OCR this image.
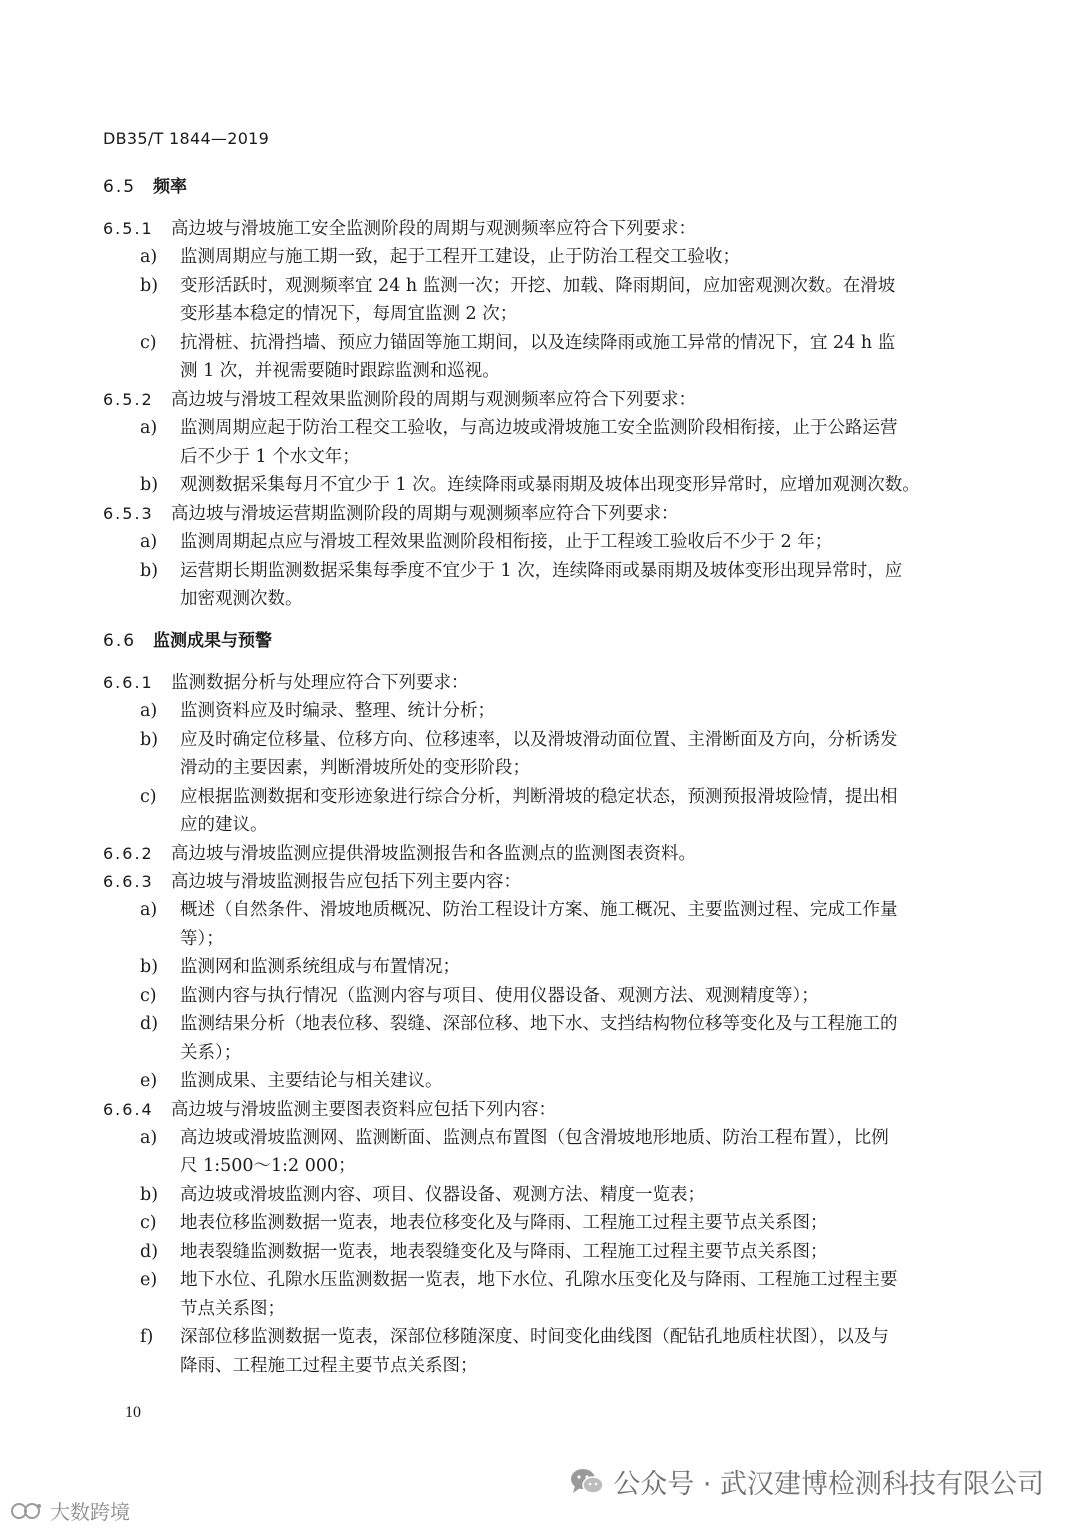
DB35/T 1844—2019
6.5 频率
6.5.1 高边坡与滑坡施工安全监测阶段的周期与观测频率应符合下列要求：
a) 监测周期应与施工期一致，起于工程开工建设，止于防治工程交工验收；
b) 变形活跃时，观测频率宜 24 h 监测一次；开挖、加载、降雨期间，应加密观测次数。在滑坡
变形基本稳定的情况下，每周宜监测 2 次；
c) 抗滑桩、抗滑挡墙、预应力锚固等施工期间，以及连续降雨或施工异常的情况下，宜 24 h 监
测 1 次，并视需要随时跟踪监测和巡视。
6.5.2 高边坡与滑坡工程效果监测阶段的周期与观测频率应符合下列要求：
a) 监测周期应起于防治工程交工验收，与高边坡或滑坡施工安全监测阶段相衔接，止于公路运营
后不少于 1 个水文年；
b) 观测数据采集每月不宜少于 1 次。连续降雨或暴雨期及坡体出现变形异常时，应增加观测次数。
6.5.3 高边坡与滑坡运营期监测阶段的周期与观测频率应符合下列要求：
a) 监测周期起点应与滑坡工程效果监测阶段相衔接，止于工程竣工验收后不少于 2 年；
b) 运营期长期监测数据采集每季度不宜少于 1 次，连续降雨或暴雨期及坡体变形出现异常时，应
加密观测次数。
6.6 监测成果与预警
6.6.1 监测数据分析与处理应符合下列要求：
a) 监测资料应及时编录、整理、统计分析；
b) 应及时确定位移量、位移方向、位移速率，以及滑坡滑动面位置、主滑断面及方向，分析诱发
滑动的主要因素，判断滑坡所处的变形阶段；
c) 应根据监测数据和变形迹象进行综合分析，判断滑坡的稳定状态，预测预报滑坡险情，提出相
应的建议。
6.6.2 高边坡与滑坡监测应提供滑坡监测报告和各监测点的监测图表资料。
6.6.3 高边坡与滑坡监测报告应包括下列主要内容：
a) 概述（自然条件、滑坡地质概况、防治工程设计方案、施工概况、主要监测过程、完成工作量
等）；
b) 监测网和监测系统组成与布置情况；
c) 监测内容与执行情况（监测内容与项目、使用仪器设备、观测方法、观测精度等）；
d) 监测结果分析（地表位移、裂缝、深部位移、地下水、支挡结构物位移等变化及与工程施工的
关系）；
e) 监测成果、主要结论与相关建议。
6.6.4 高边坡与滑坡监测主要图表资料应包括下列内容：
a) 高边坡或滑坡监测网、监测断面、监测点布置图（包含滑坡地形地质、防治工程布置），比例
尺 1:500～1:2 000；
b) 高边坡或滑坡监测内容、项目、仪器设备、观测方法、精度一览表；
c) 地表位移监测数据一览表，地表位移变化及与降雨、工程施工过程主要节点关系图；
d) 地表裂缝监测数据一览表，地表裂缝变化及与降雨、工程施工过程主要节点关系图；
e) 地下水位、孔隙水压监测数据一览表，地下水位、孔隙水压变化及与降雨、工程施工过程主要
节点关系图；
f) 深部位移监测数据一览表，深部位移随深度、时间变化曲线图（配钻孔地质柱状图），以及与
降雨、工程施工过程主要节点关系图；
10
公众号 · 武汉建博检测科技有限公司
大数跨境
